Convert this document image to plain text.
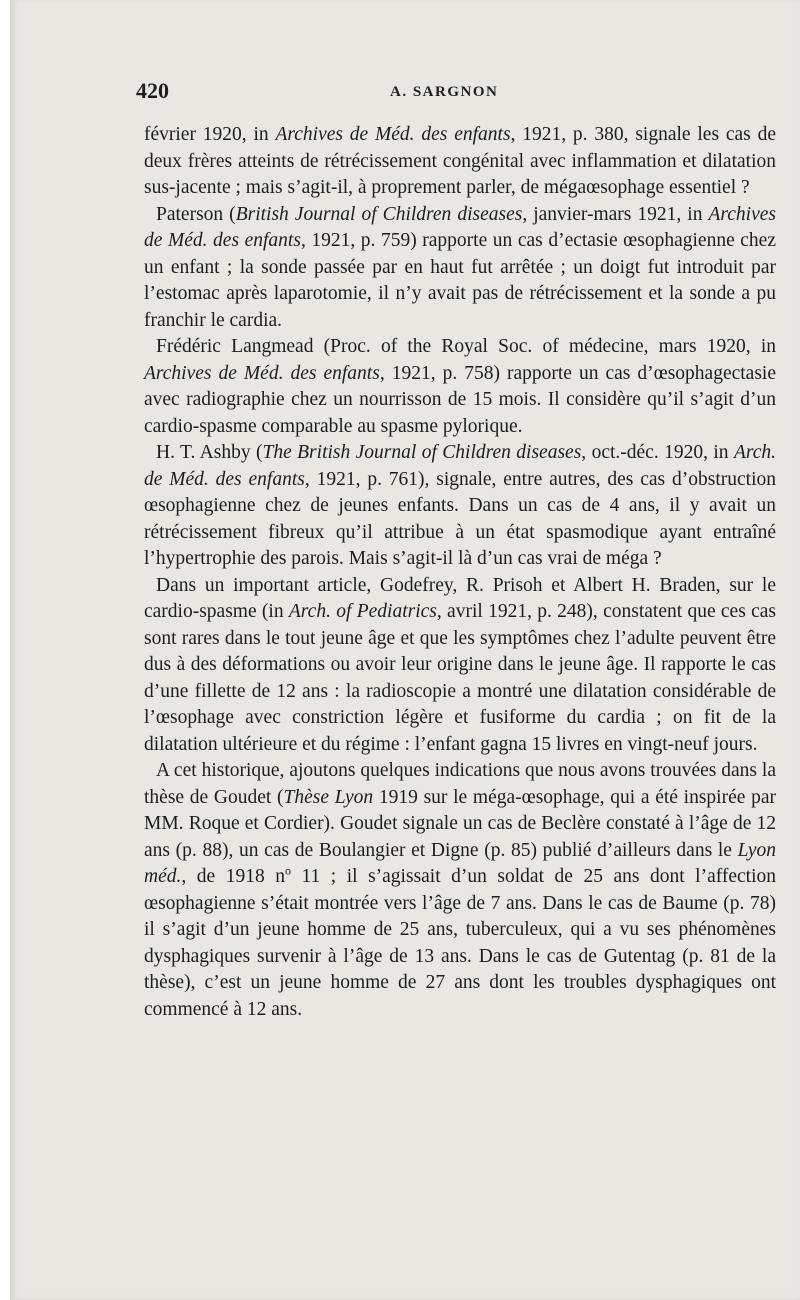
420	A. SARGNON

février 1920, in Archives de Méd. des enfants, 1921, p. 380, signale les cas de deux frères atteints de rétrécissement congénital avec inflammation et dilatation sus-jacente ; mais s’agit-il, à proprement parler, de mégaœsophage essentiel ?

Paterson (British Journal of Children diseases, janvier-mars 1921, in Archives de Méd. des enfants, 1921, p. 759) rapporte un cas d’ectasie œsophagienne chez un enfant ; la sonde passée par en haut fut arrêtée ; un doigt fut introduit par l’estomac après laparotomie, il n’y avait pas de rétrécissement et la sonde a pu franchir le cardia.

Frédéric Langmead (Proc. of the Royal Soc. of médecine, mars 1920, in Archives de Méd. des enfants, 1921, p. 758) rapporte un cas d’œsophagectasie avec radiographie chez un nourrisson de 15 mois. Il considère qu’il s’agit d’un cardio-spasme comparable au spasme pylorique.

H. T. Ashby (The British Journal of Children diseases, oct.-déc. 1920, in Arch. de Méd. des enfants, 1921, p. 761), signale, entre autres, des cas d’obstruction œsophagienne chez de jeunes enfants. Dans un cas de 4 ans, il y avait un rétrécissement fibreux qu’il attribue à un état spasmodique ayant entraîné l’hypertrophie des parois. Mais s’agit-il là d’un cas vrai de méga ?

Dans un important article, Godefrey, R. Prisoh et Albert H. Braden, sur le cardio-spasme (in Arch. of Pediatrics, avril 1921, p. 248), constatent que ces cas sont rares dans le tout jeune âge et que les symptômes chez l’adulte peuvent être dus à des déformations ou avoir leur origine dans le jeune âge. Il rapporte le cas d’une fillette de 12 ans : la radioscopie a montré une dilatation considérable de l’œsophage avec constriction légère et fusiforme du cardia ; on fit de la dilatation ultérieure et du régime : l’enfant gagna 15 livres en vingt-neuf jours.

A cet historique, ajoutons quelques indications que nous avons trouvées dans la thèse de Goudet (Thèse Lyon 1919 sur le méga-œsophage, qui a été inspirée par MM. Roque et Cordier). Goudet signale un cas de Beclère constaté à l’âge de 12 ans (p. 88), un cas de Boulangier et Digne (p. 85) publié d’ailleurs dans le Lyon méd., de 1918 $n^o$ 11 ; il s’agissait d’un soldat de 25 ans dont l’affection œsophagienne s’était montrée vers l’âge de 7 ans. Dans le cas de Baume (p. 78) il s’agit d’un jeune homme de 25 ans, tuberculeux, qui a vu ses phénomènes dysphagiques survenir à l’âge de 13 ans. Dans le cas de Gutentag (p. 81 de la thèse), c’est un jeune homme de 27 ans dont les troubles dysphagiques ont commencé à 12 ans.
